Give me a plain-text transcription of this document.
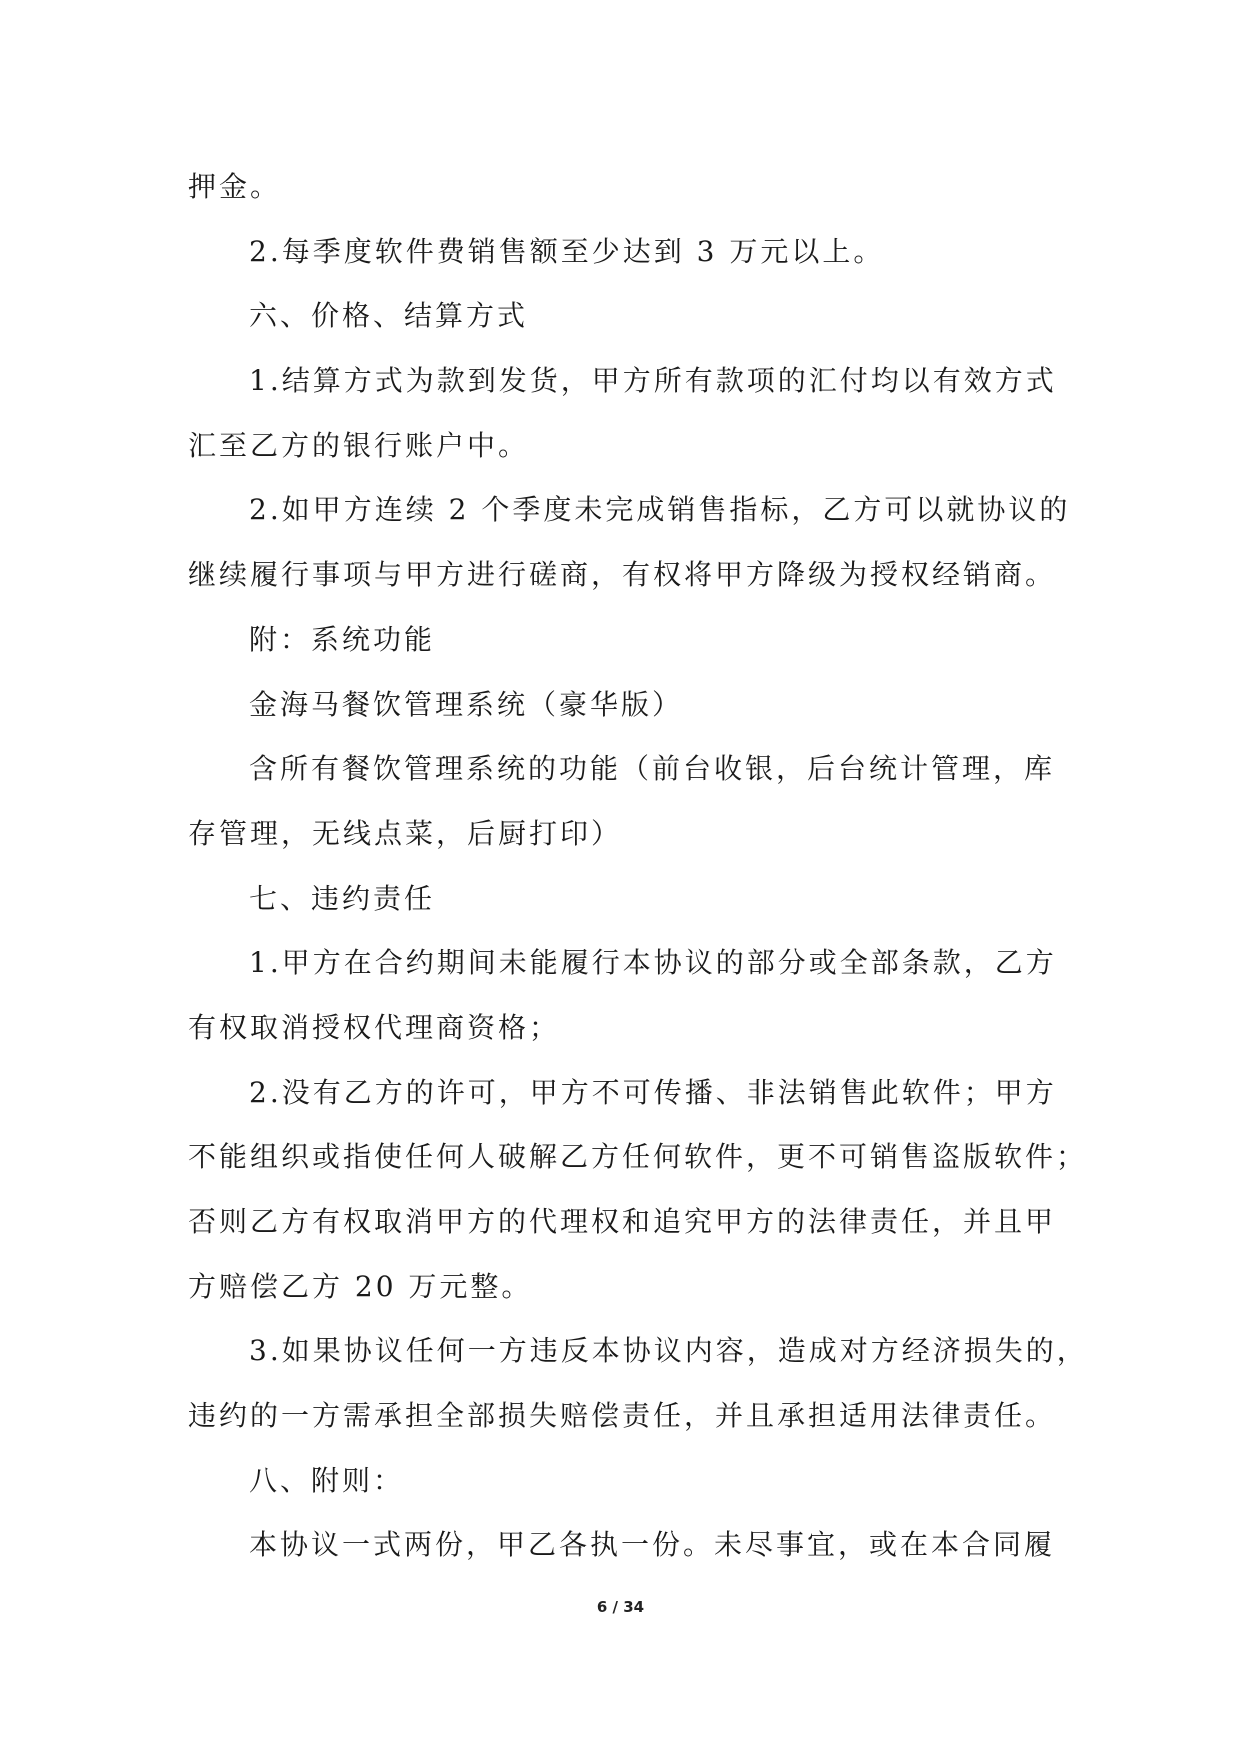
押金。
2.每季度软件费销售额至少达到 3 万元以上。
六、价格、结算方式
1.结算方式为款到发货，甲方所有款项的汇付均以有效方式
汇至乙方的银行账户中。
2.如甲方连续 2 个季度未完成销售指标，乙方可以就协议的
继续履行事项与甲方进行磋商，有权将甲方降级为授权经销商。
附：系统功能
金海马餐饮管理系统（豪华版）
含所有餐饮管理系统的功能（前台收银，后台统计管理，库
存管理，无线点菜，后厨打印）
七、违约责任
1.甲方在合约期间未能履行本协议的部分或全部条款，乙方
有权取消授权代理商资格；
2.没有乙方的许可，甲方不可传播、非法销售此软件；甲方
不能组织或指使任何人破解乙方任何软件，更不可销售盗版软件；
否则乙方有权取消甲方的代理权和追究甲方的法律责任，并且甲
方赔偿乙方 20 万元整。
3.如果协议任何一方违反本协议内容，造成对方经济损失的，
违约的一方需承担全部损失赔偿责任，并且承担适用法律责任。
八、附则：
本协议一式两份，甲乙各执一份。未尽事宜，或在本合同履
6 / 34
